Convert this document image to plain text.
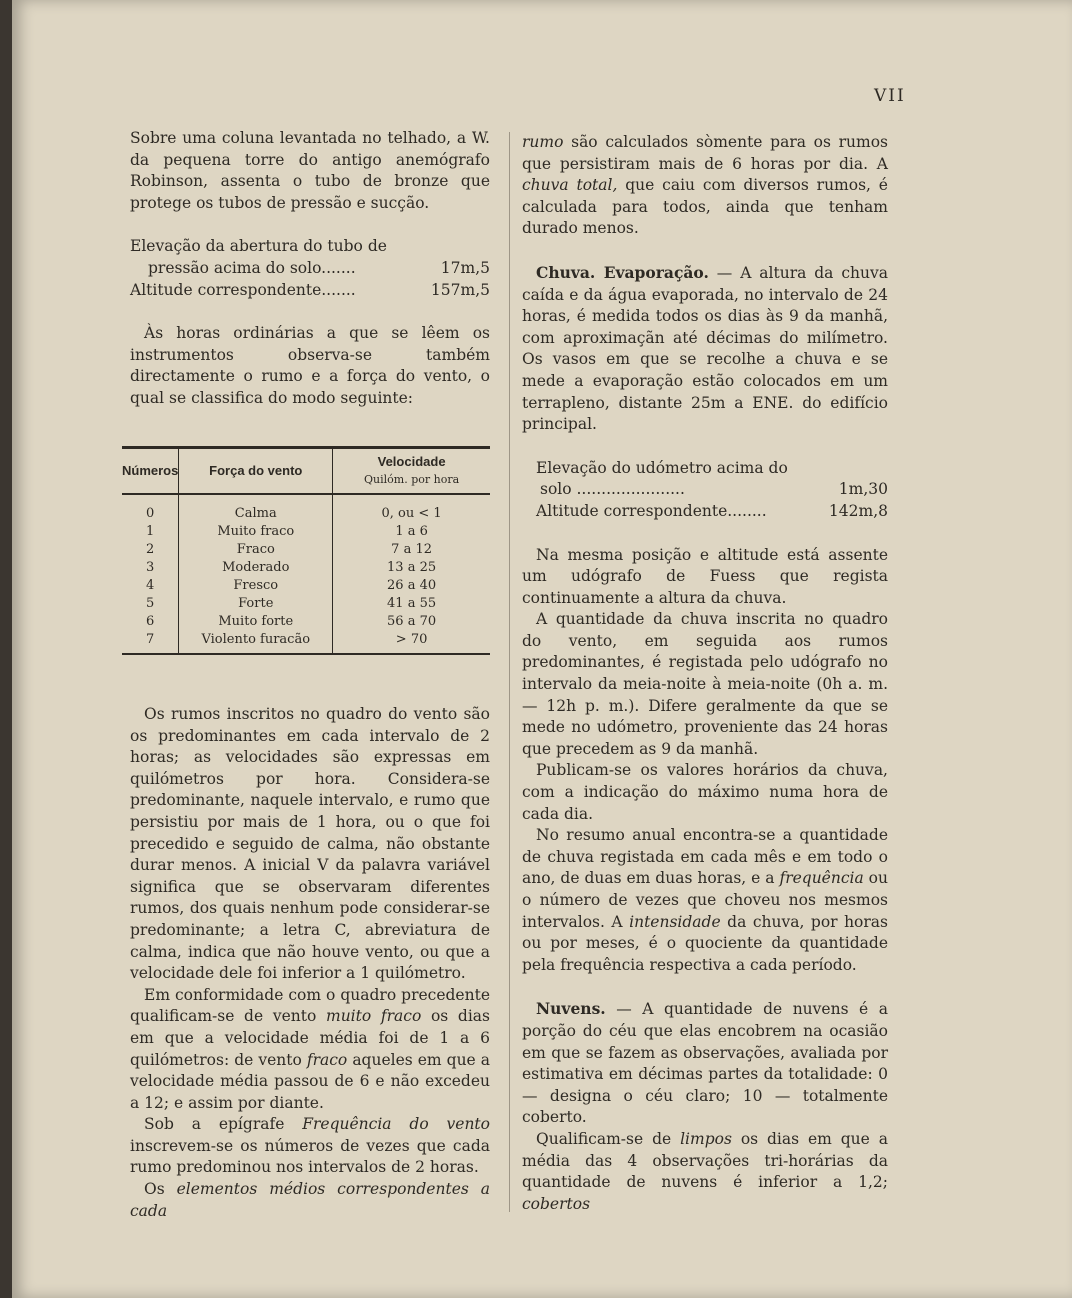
VII

Sobre uma coluna levantada no telhado, a W. da pequena torre do antigo anemógrafo Robinson, assenta o tubo de bronze que protege os tubos de pressão e sucção.

Elevação da abertura do tubo de
pressão acima do solo.......	17m,5
Altitude correspondente.......	157m,5

Às horas ordinárias a que se lêem os instrumentos observa-se também directamente o rumo e a força do vento, o qual se classifica do modo seguinte:

Números	Força do vento	Velocidade
Quilóm. por hora

0	Calma	0, ou < 1
1	Muito fraco	1 a 6
2	Fraco	7 a 12
3	Moderado	13 a 25
4	Fresco	26 a 40
5	Forte	41 a 55
6	Muito forte	56 a 70
7	Violento furacão	> 70

Os rumos inscritos no quadro do vento são os predominantes em cada intervalo de 2 horas; as velocidades são expressas em quilómetros por hora. Considera-se predominante, naquele intervalo, e rumo que persistiu por mais de 1 hora, ou o que foi precedido e seguido de calma, não obstante durar menos. A inicial V da palavra variável significa que se observaram diferentes rumos, dos quais nenhum pode considerar-se predominante; a letra C, abreviatura de calma, indica que não houve vento, ou que a velocidade dele foi inferior a 1 quilómetro.

Em conformidade com o quadro precedente qualificam-se de vento muito fraco os dias em que a velocidade média foi de 1 a 6 quilómetros: de vento fraco aqueles em que a velocidade média passou de 6 e não excedeu a 12; e assim por diante.

Sob a epígrafe Frequência do vento inscrevem-se os números de vezes que cada rumo predominou nos intervalos de 2 horas.

Os elementos médios correspondentes a cada

rumo são calculados sòmente para os rumos que persistiram mais de 6 horas por dia. A chuva total, que caiu com diversos rumos, é calculada para todos, ainda que tenham durado menos.

Chuva. Evaporação. — A altura da chuva caída e da água evaporada, no intervalo de 24 horas, é medida todos os dias às 9 da manhã, com aproximaçãn até décimas do milímetro. Os vasos em que se recolhe a chuva e se mede a evaporação estão colocados em um terrapleno, distante 25m a ENE. do edifício principal.

Elevação do udómetro acima do
solo ......................	1m,30
Altitude correspondente........	142m,8

Na mesma posição e altitude está assente um udógrafo de Fuess que regista continuamente a altura da chuva.

A quantidade da chuva inscrita no quadro do vento, em seguida aos rumos predominantes, é registada pelo udógrafo no intervalo da meia-noite à meia-noite (0h a. m. — 12h p. m.). Difere geralmente da que se mede no udómetro, proveniente das 24 horas que precedem as 9 da manhã.

Publicam-se os valores horários da chuva, com a indicação do máximo numa hora de cada dia.

No resumo anual encontra-se a quantidade de chuva registada em cada mês e em todo o ano, de duas em duas horas, e a frequência ou o número de vezes que choveu nos mesmos intervalos. A intensidade da chuva, por horas ou por meses, é o quociente da quantidade pela frequência respectiva a cada período.

Nuvens. — A quantidade de nuvens é a porção do céu que elas encobrem na ocasião em que se fazem as observações, avaliada por estimativa em décimas partes da totalidade: 0 — designa o céu claro; 10 — totalmente coberto.

Qualificam-se de limpos os dias em que a média das 4 observações tri-horárias da quantidade de nuvens é inferior a 1,2; cobertos
